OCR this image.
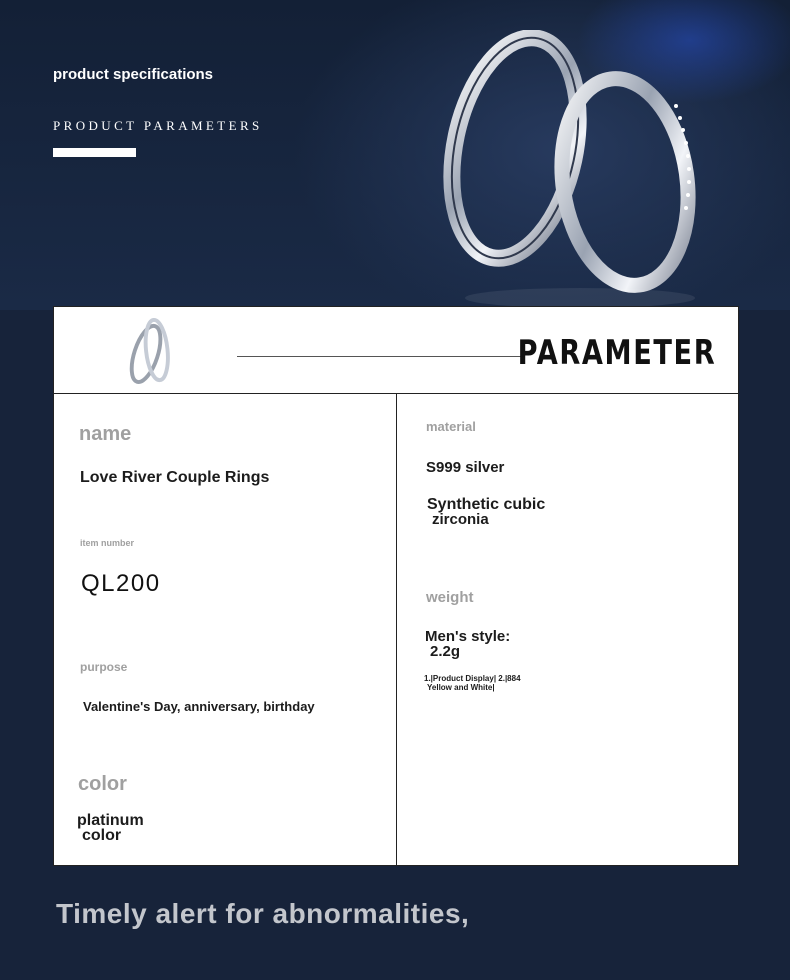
product specifications
PRODUCT PARAMETERS
PARAMETER
name
Love River Couple Rings
item number
QL200
purpose
Valentine's Day, anniversary, birthday
color
platinum
color
material
S999 silver
Synthetic cubic
zirconia
weight
Men's style:
2.2g
1.|Product Display| 2.|884
Yellow and White|
Timely alert for abnormalities,
